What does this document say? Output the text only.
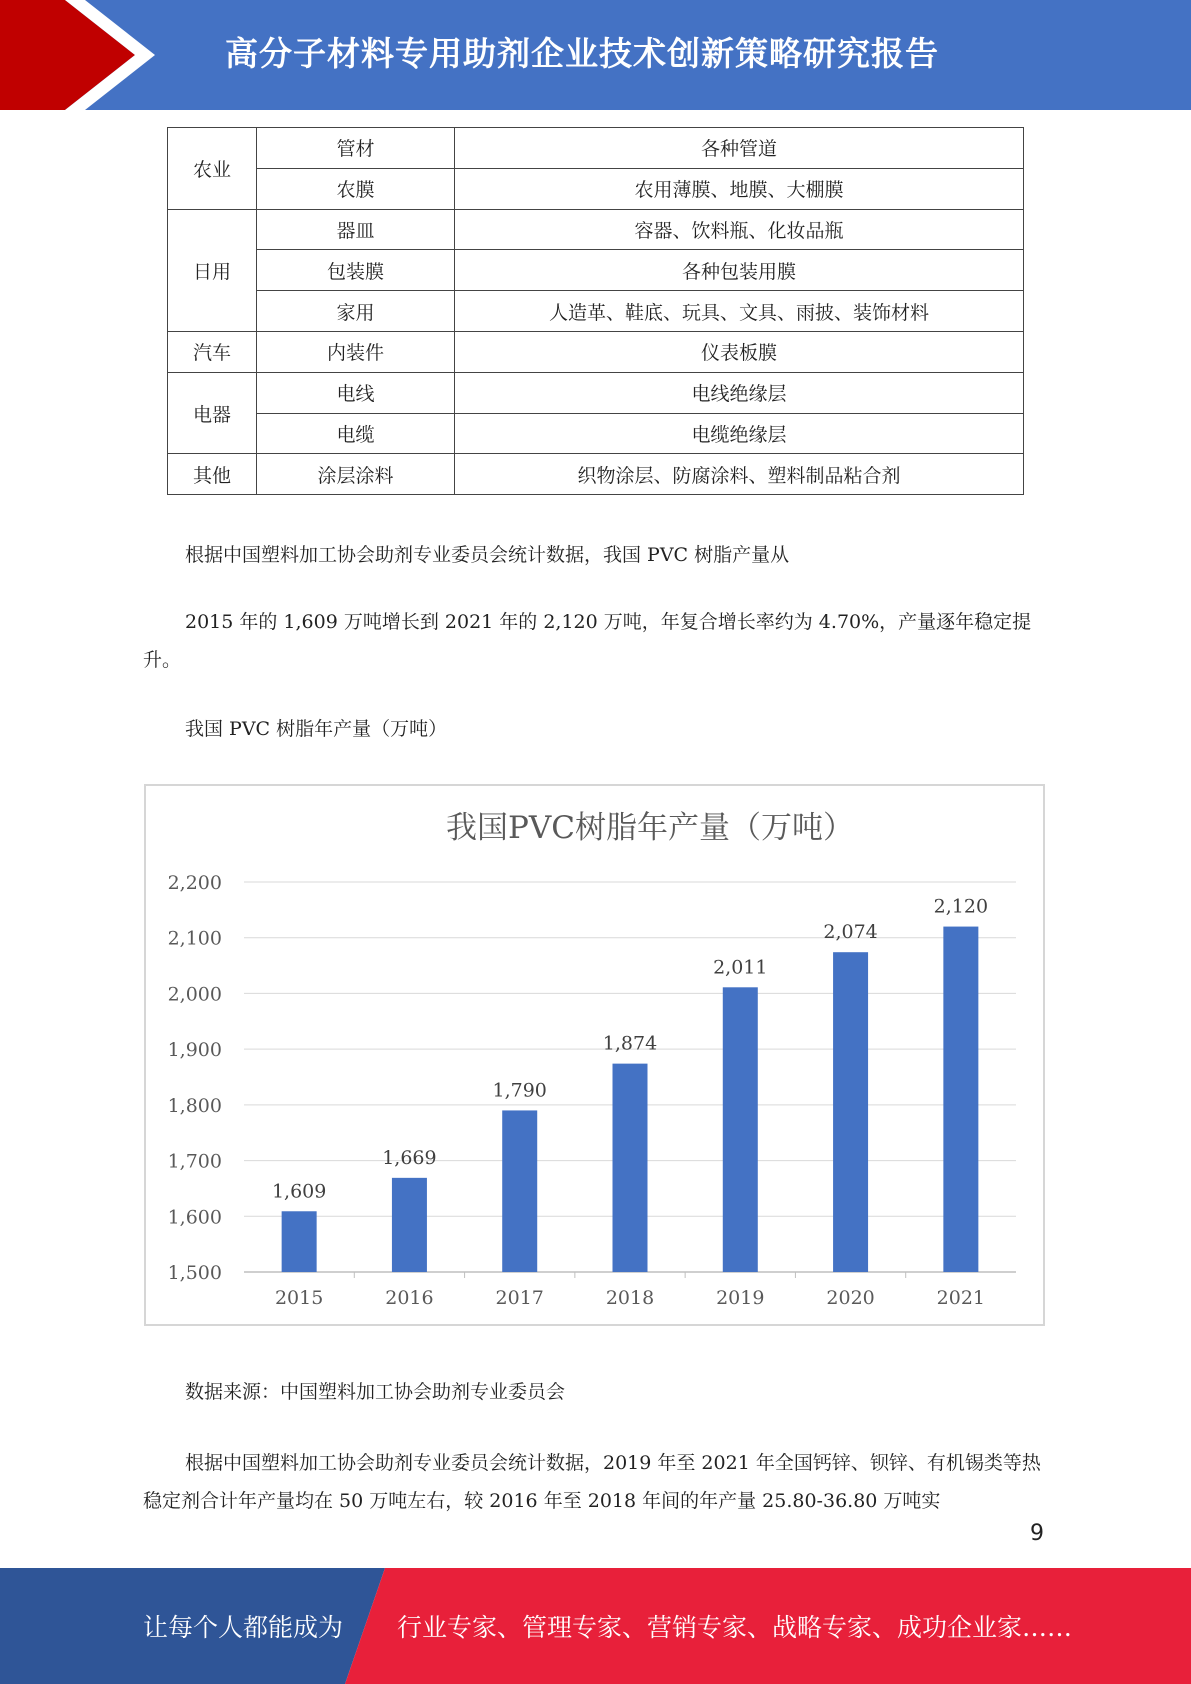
高分子材料专用助剂企业技术创新策略研究报告
农业	管材	各种管道
	农膜	农用薄膜、地膜、大棚膜
日用	器皿	容器、饮料瓶、化妆品瓶
	包装膜	各种包装用膜
	家用	人造革、鞋底、玩具、文具、雨披、装饰材料
汽车	内装件	仪表板膜
电器	电线	电线绝缘层
	电缆	电缆绝缘层
其他	涂层涂料	织物涂层、防腐涂料、塑料制品粘合剂
根据中国塑料加工协会助剂专业委员会统计数据，我国 PVC 树脂产量从
2015 年的 1,609 万吨增长到 2021 年的 2,120 万吨，年复合增长率约为 4.70%，产量逐年稳定提升。
我国 PVC 树脂年产量（万吨）
我国PVC树脂年产量（万吨）
1,500
1,600
1,700
1,800
1,900
2,000
2,100
2,200
1,609
2015
1,669
2016
1,790
2017
1,874
2018
2,011
2019
2,074
2020
2,120
2021
数据来源：中国塑料加工协会助剂专业委员会
根据中国塑料加工协会助剂专业委员会统计数据，2019 年至 2021 年全国钙锌、钡锌、有机锡类等热稳定剂合计年产量均在 50 万吨左右，较 2016 年至 2018 年间的年产量 25.80-36.80 万吨实
9
让每个人都能成为 行业专家、管理专家、营销专家、战略专家、成功企业家……
